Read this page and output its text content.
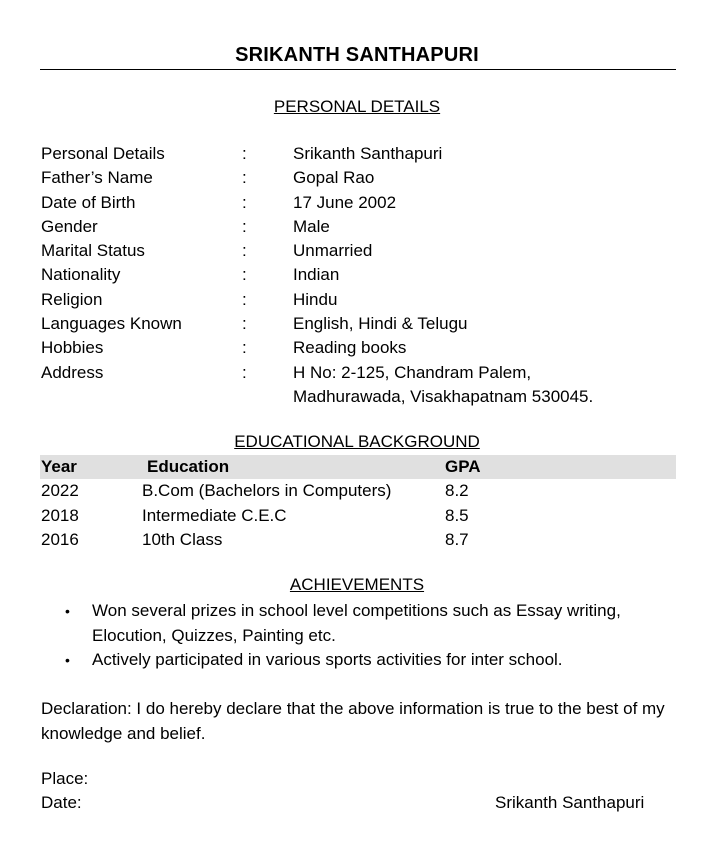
SRIKANTH SANTHAPURI
PERSONAL DETAILS
Personal Details	:	Srikanth Santhapuri
Father’s Name	:	Gopal Rao
Date of Birth	:	17 June 2002
Gender	:	Male
Marital Status	:	Unmarried
Nationality	:	Indian
Religion	:	Hindu
Languages Known	:	English, Hindi & Telugu
Hobbies	:	Reading books
Address	:	H No: 2-125, Chandram Palem,
Madhurawada, Visakhapatnam 530045.
EDUCATIONAL BACKGROUND
Year	Education	GPA
2022	B.Com (Bachelors in Computers)	8.2
2018	Intermediate C.E.C	8.5
2016	10th Class	8.7
ACHIEVEMENTS
• Won several prizes in school level competitions such as Essay writing, Elocution, Quizzes, Painting etc.
• Actively participated in various sports activities for inter school.
Declaration: I do hereby declare that the above information is true to the best of my knowledge and belief.
Place:
Date:	Srikanth Santhapuri
